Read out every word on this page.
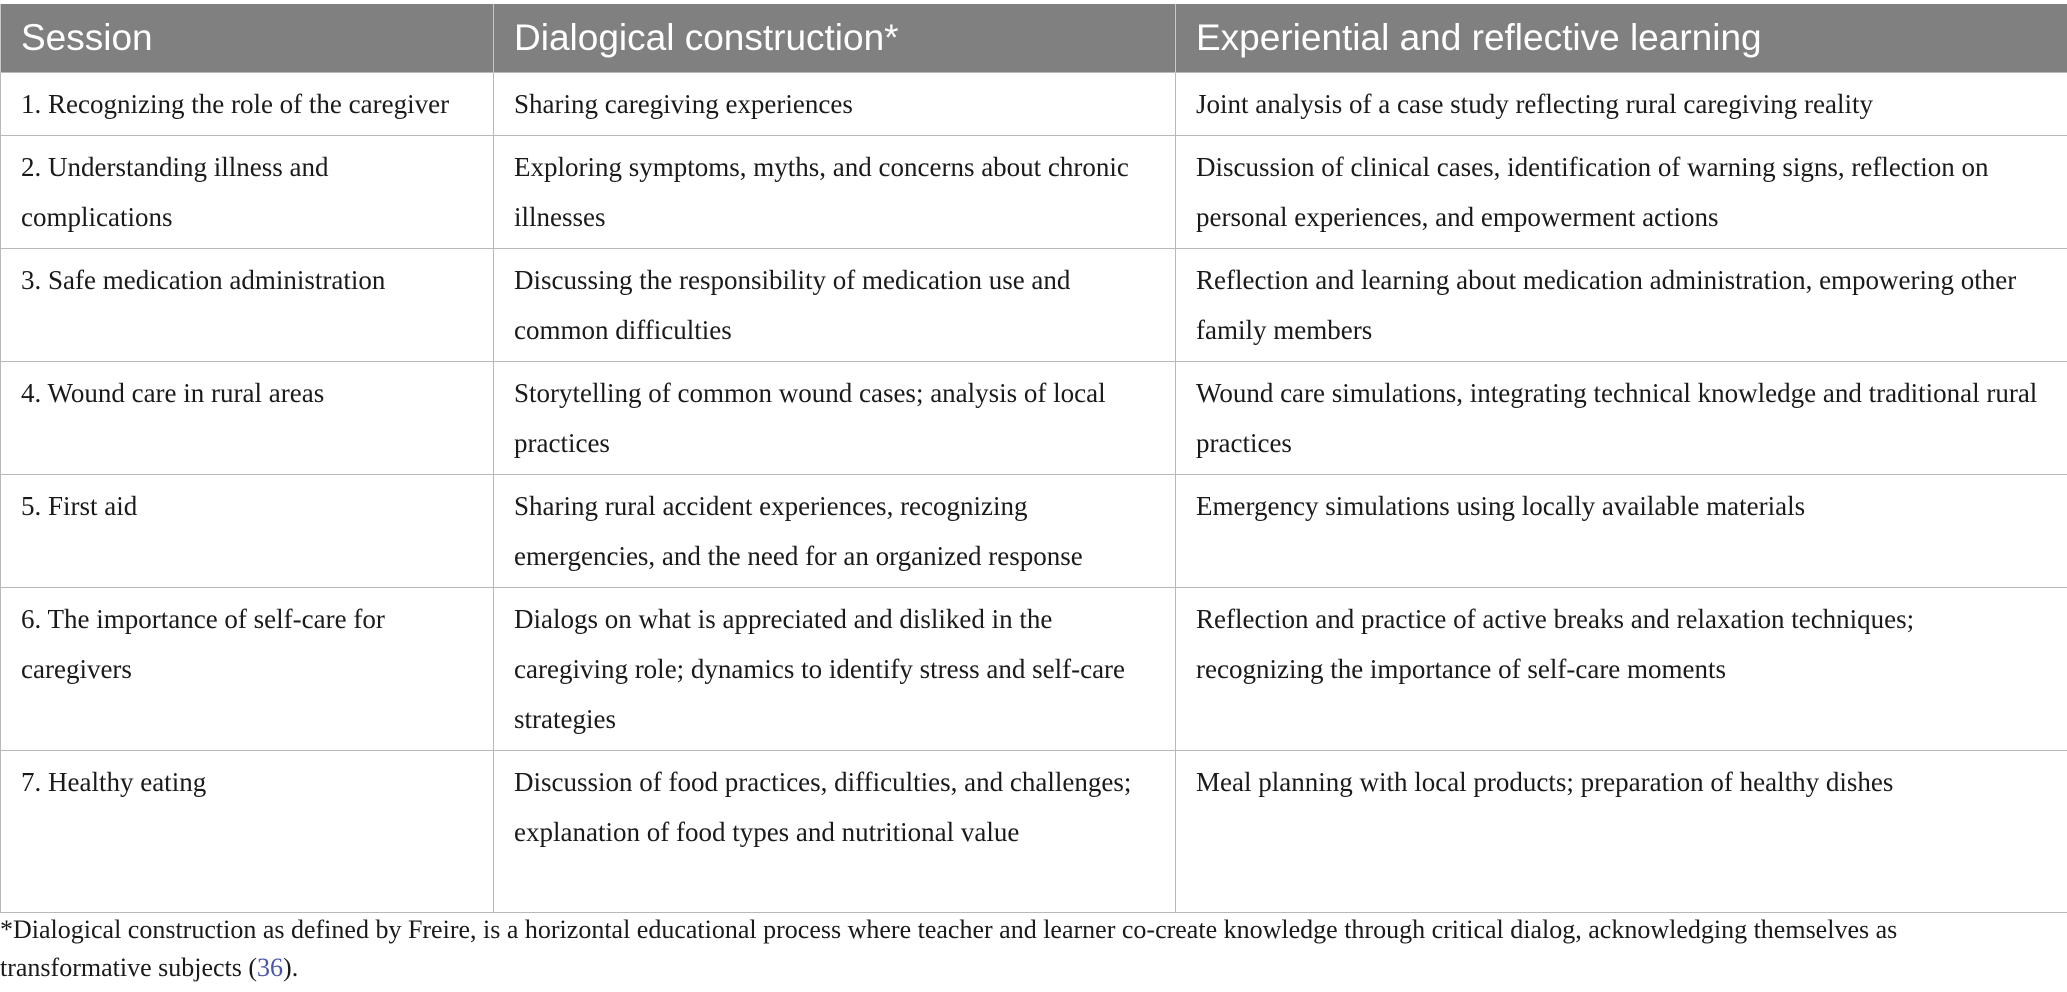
Session	Dialogical construction*	Experiential and reflective learning
1. Recognizing the role of the caregiver	Sharing caregiving experiences	Joint analysis of a case study reflecting rural caregiving reality
2. Understanding illness and complications	Exploring symptoms, myths, and concerns about chronic illnesses	Discussion of clinical cases, identification of warning signs, reflection on personal experiences, and empowerment actions
3. Safe medication administration	Discussing the responsibility of medication use and common difficulties	Reflection and learning about medication administration, empowering other family members
4. Wound care in rural areas	Storytelling of common wound cases; analysis of local practices	Wound care simulations, integrating technical knowledge and traditional rural practices
5. First aid	Sharing rural accident experiences, recognizing emergencies, and the need for an organized response	Emergency simulations using locally available materials
6. The importance of self-care for caregivers	Dialogs on what is appreciated and disliked in the caregiving role; dynamics to identify stress and self-care strategies	Reflection and practice of active breaks and relaxation techniques; recognizing the importance of self-care moments
7. Healthy eating	Discussion of food practices, difficulties, and challenges; explanation of food types and nutritional value	Meal planning with local products; preparation of healthy dishes
*Dialogical construction as defined by Freire, is a horizontal educational process where teacher and learner co-create knowledge through critical dialog, acknowledging themselves as transformative subjects (36).
